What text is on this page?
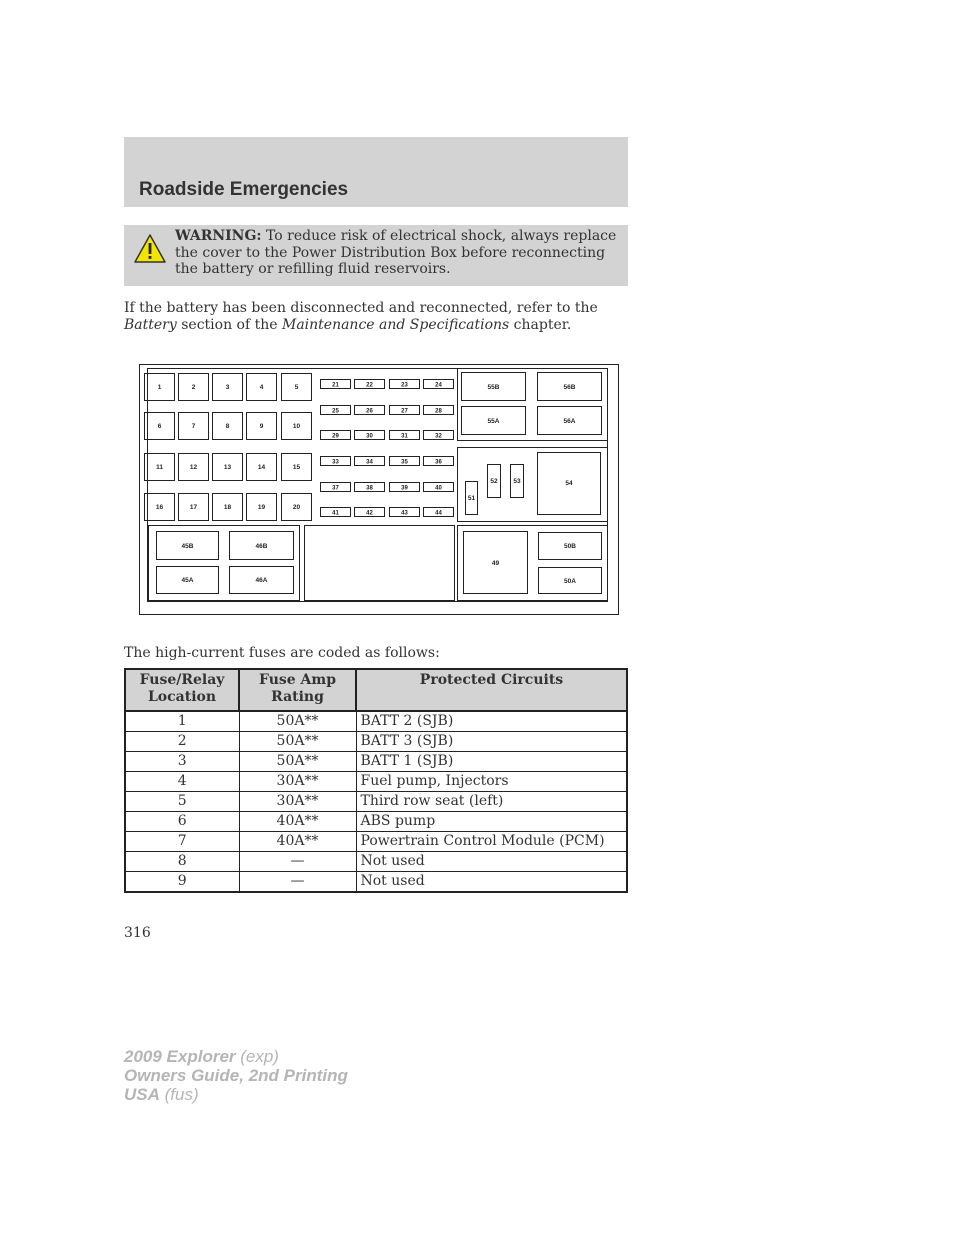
Roadside Emergencies
WARNING: To reduce risk of electrical shock, always replace the cover to the Power Distribution Box before reconnecting the battery or refilling fluid reservoirs.

If the battery has been disconnected and reconnected, refer to the Battery section of the Maintenance and Specifications chapter.

1	2	3	4	5
6	7	8	9	10
11	12	13	14	15
16	17	18	19	20
21	22	23	24
25	26	27	28
29	30	31	32
33	34	35	36
37	38	39	40
41	42	43	44
55B	56B
55A	56A
51
52 53	54
45B	46B
45A	46A
49
50B
50A

The high-current fuses are coded as follows:

Fuse/Relay Location	Fuse Amp Rating	Protected Circuits
1	50A**	BATT 2 (SJB)
2	50A**	BATT 3 (SJB)
3	50A**	BATT 1 (SJB)
4	30A**	Fuel pump, Injectors
5	30A**	Third row seat (left)
6	40A**	ABS pump
7	40A**	Powertrain Control Module (PCM)
8	—	Not used
9	—	Not used

316

2009 Explorer (exp)
Owners Guide, 2nd Printing
USA (fus)
